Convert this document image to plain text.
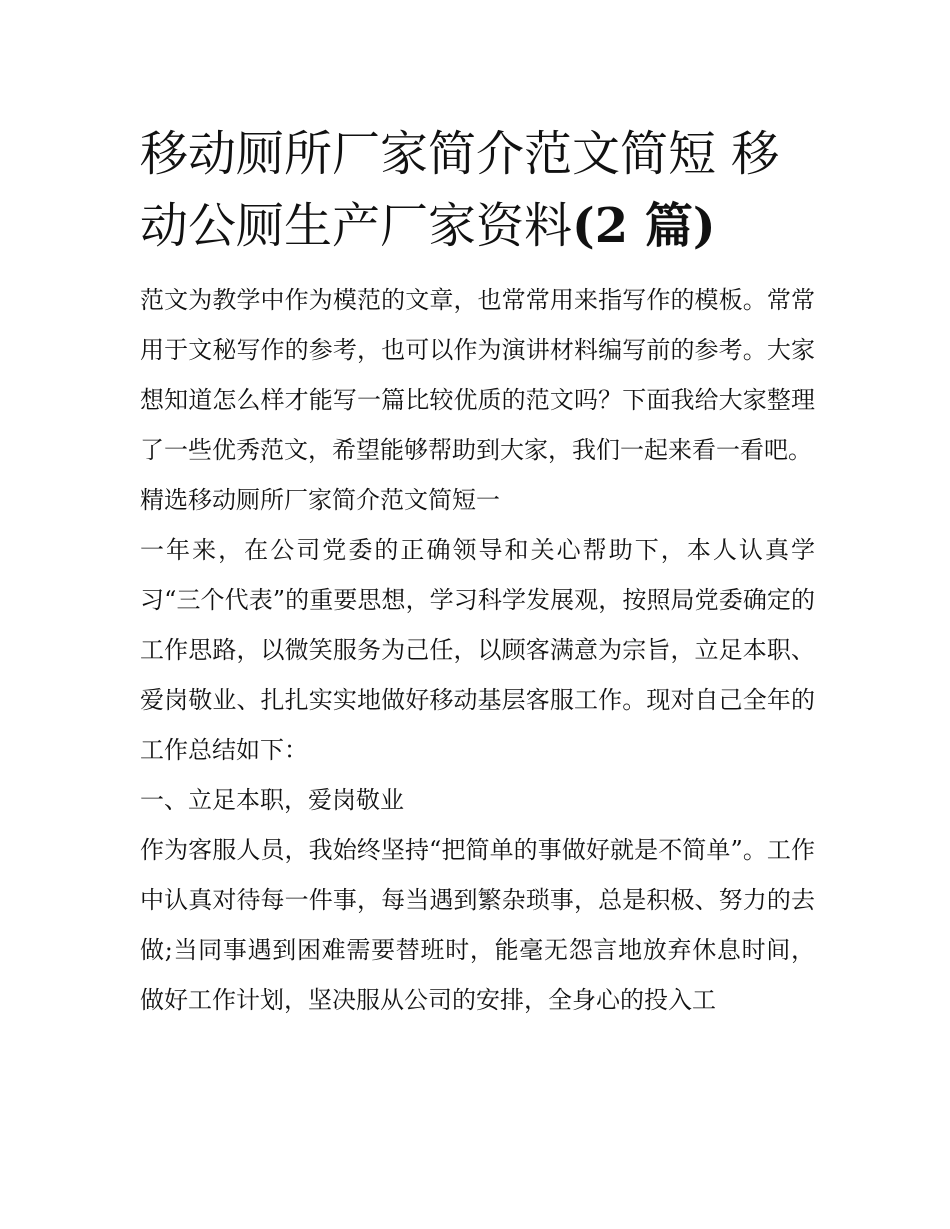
移动厕所厂家简介范文简短 移动公厕生产厂家资料(2 篇)

范文为教学中作为模范的文章，也常常用来指写作的模板。常常用于文秘写作的参考，也可以作为演讲材料编写前的参考。大家想知道怎么样才能写一篇比较优质的范文吗？下面我给大家整理了一些优秀范文，希望能够帮助到大家，我们一起来看一看吧。

精选移动厕所厂家简介范文简短一

一年来，在公司党委的正确领导和关心帮助下，本人认真学习“三个代表”的重要思想，学习科学发展观，按照局党委确定的工作思路，以微笑服务为己任，以顾客满意为宗旨，立足本职、爱岗敬业、扎扎实实地做好移动基层客服工作。现对自己全年的工作总结如下：

一、立足本职，爱岗敬业

作为客服人员，我始终坚持“把简单的事做好就是不简单”。工作中认真对待每一件事，每当遇到繁杂琐事，总是积极、努力的去做;当同事遇到困难需要替班时，能毫无怨言地放弃休息时间，做好工作计划，坚决服从公司的安排，全身心的投入工
